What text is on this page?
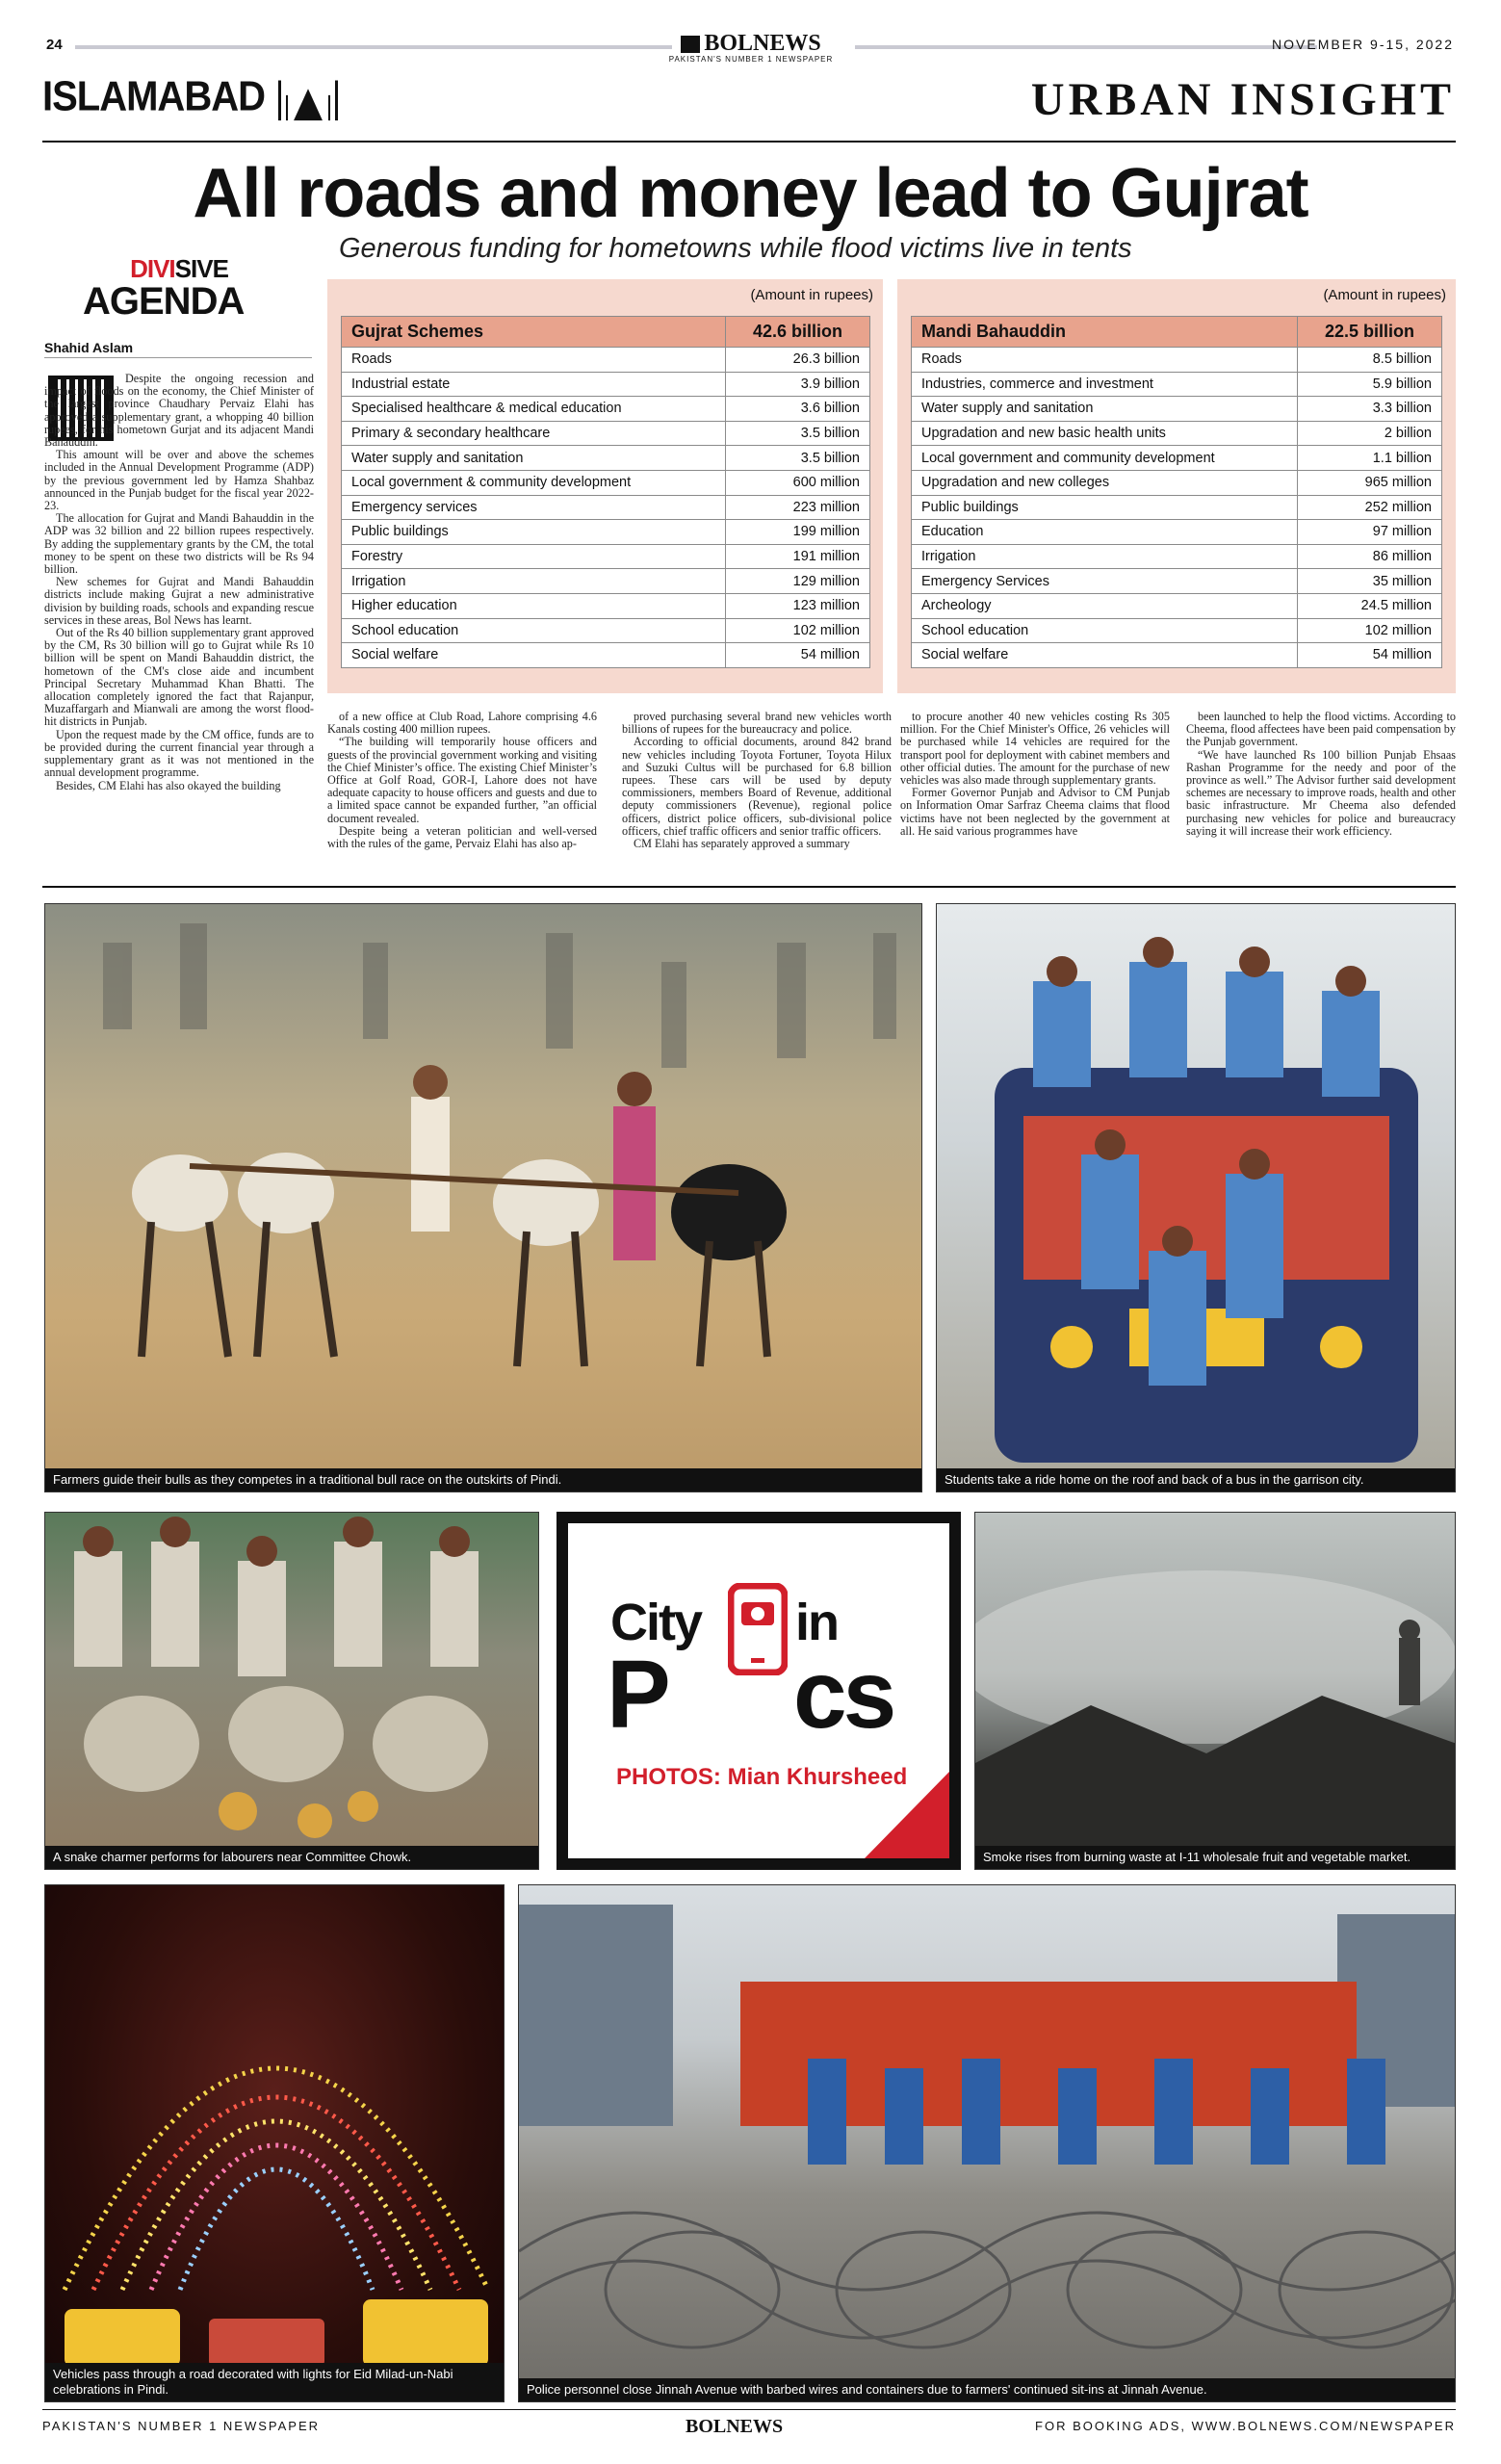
24	NOVEMBER 9-15, 2022
BOLNEWS
PAKISTAN'S NUMBER 1 NEWSPAPER
ISLAMABAD	URBAN INSIGHT
All roads and money lead to Gujrat
Generous funding for hometowns while flood victims live in tents
DIVISIVE
AGENDA
Shahid Aslam

Despite the ongoing recession and impact of floods on the economy, the Chief Minister of the largest province Chaudhary Pervaiz Elahi has approved a supplementary grant, a whopping 40 billion rupees, for his hometown Gurjat and its adjacent Mandi Bahauddin.

This amount will be over and above the schemes included in the Annual Development Programme (ADP) by the previous government led by Hamza Shahbaz announced in the Punjab budget for the fiscal year 2022-23.

The allocation for Gujrat and Mandi Bahauddin in the ADP was 32 billion and 22 billion rupees respectively. By adding the supplementary grants by the CM, the total money to be spent on these two districts will be Rs 94 billion.

New schemes for Gujrat and Mandi Bahauddin districts include making Gujrat a new administrative division by building roads, schools and expanding rescue services in these areas, Bol News has learnt.

Out of the Rs 40 billion supplementary grant approved by the CM, Rs 30 billion will go to Gujrat while Rs 10 billion will be spent on Mandi Bahauddin district, the hometown of the CM's close aide and incumbent Principal Secretary Muhammad Khan Bhatti. The allocation completely ignored the fact that Rajanpur, Muzaffargarh and Mianwali are among the worst flood-hit districts in Punjab.

Upon the request made by the CM office, funds are to be provided during the current financial year through a supplementary grant as it was not mentioned in the annual development programme.

Besides, CM Elahi has also okayed the building

of a new office at Club Road, Lahore comprising 4.6 Kanals costing 400 million rupees.

“The building will temporarily house officers and guests of the provincial government working and visiting the Chief Minister’s office. The existing Chief Minister’s Office at Golf Road, GOR-I, Lahore does not have adequate capacity to house officers and guests and due to a limited space cannot be expanded further, ”an official document revealed.

Despite being a veteran politician and well-versed with the rules of the game, Pervaiz Elahi has also ap-

proved purchasing several brand new vehicles worth billions of rupees for the bureaucracy and police.

According to official documents, around 842 brand new vehicles including Toyota Fortuner, Toyota Hilux and Suzuki Cultus will be purchased for 6.8 billion rupees. These cars will be used by deputy commissioners, members Board of Revenue, additional deputy commissioners (Revenue), regional police officers, district police officers, sub-divisional police officers, chief traffic officers and senior traffic officers.

CM Elahi has separately approved a summary

to procure another 40 new vehicles costing Rs 305 million. For the Chief Minister's Office, 26 vehicles will be purchased while 14 vehicles are required for the transport pool for deployment with cabinet members and other official duties. The amount for the purchase of new vehicles was also made through supplementary grants.

Former Governor Punjab and Advisor to CM Punjab on Information Omar Sarfraz Cheema claims that flood victims have not been neglected by the government at all. He said various programmes have

been launched to help the flood victims. According to Cheema, flood affectees have been paid compensation by the Punjab government.

“We have launched Rs 100 billion Punjab Ehsaas Rashan Programme for the needy and poor of the province as well.” The Advisor further said development schemes are necessary to improve roads, health and other basic infrastructure. Mr Cheema also defended purchasing new vehicles for police and bureaucracy saying it will increase their work efficiency.

(Amount in rupees)
Gujrat Schemes	42.6 billion
Roads	26.3 billion
Industrial estate	3.9 billion
Specialised healthcare & medical education	3.6 billion
Primary & secondary healthcare	3.5 billion
Water supply and sanitation	3.5 billion
Local government & community development	600 million
Emergency services	223 million
Public buildings	199 million
Forestry	191 million
Irrigation	129 million
Higher education	123 million
School education	102 million
Social welfare	54 million
(Amount in rupees)
Mandi Bahauddin	22.5 billion
Roads	8.5 billion
Industries, commerce and investment	5.9 billion
Water supply and sanitation	3.3 billion
Upgradation and new basic health units	2 billion
Local government and community development	1.1 billion
Upgradation and new colleges	965 million
Public buildings	252 million
Education	97 million
Irrigation	86 million
Emergency Services	35 million
Archeology	24.5 million
School education	102 million
Social welfare	54 million
Farmers guide their bulls as they competes in a traditional bull race on the outskirts of Pindi.	Students take a ride home on the roof and back of a bus in the garrison city.
A snake charmer performs for labourers near Committee Chowk.
City in
P cs
PHOTOS: Mian Khursheed
Smoke rises from burning waste at I-11 wholesale fruit and vegetable market.
Vehicles pass through a road decorated with lights for Eid Milad-un-Nabi celebrations in Pindi.	Police personnel close Jinnah Avenue with barbed wires and containers due to farmers' continued sit-ins at Jinnah Avenue.
PAKISTAN'S NUMBER 1 NEWSPAPER	BOLNEWS	FOR BOOKING ADS, WWW.BOLNEWS.COM/NEWSPAPER
